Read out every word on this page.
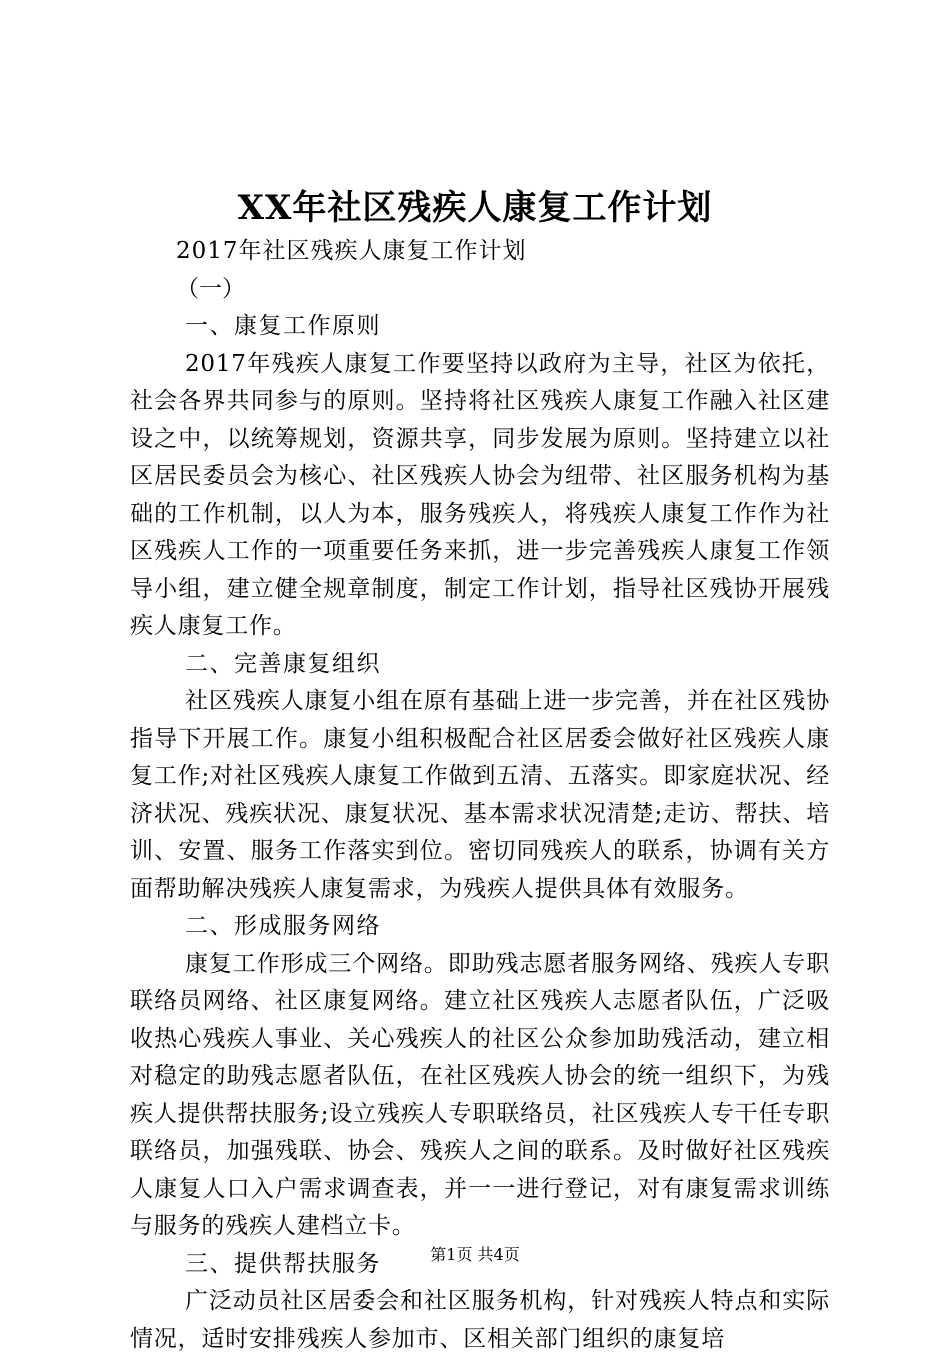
XX年社区残疾人康复工作计划

2017年社区残疾人康复工作计划

（一）

一、康复工作原则

2017年残疾人康复工作要坚持以政府为主导，社区为依托，社会各界共同参与的原则。坚持将社区残疾人康复工作融入社区建设之中，以统筹规划，资源共享，同步发展为原则。坚持建立以社区居民委员会为核心、社区残疾人协会为纽带、社区服务机构为基础的工作机制，以人为本，服务残疾人，将残疾人康复工作作为社区残疾人工作的一项重要任务来抓，进一步完善残疾人康复工作领导小组，建立健全规章制度，制定工作计划，指导社区残协开展残疾人康复工作。

二、完善康复组织

社区残疾人康复小组在原有基础上进一步完善，并在社区残协指导下开展工作。康复小组积极配合社区居委会做好社区残疾人康复工作;对社区残疾人康复工作做到五清、五落实。即家庭状况、经济状况、残疾状况、康复状况、基本需求状况清楚;走访、帮扶、培训、安置、服务工作落实到位。密切同残疾人的联系，协调有关方面帮助解决残疾人康复需求，为残疾人提供具体有效服务。

二、形成服务网络

康复工作形成三个网络。即助残志愿者服务网络、残疾人专职联络员网络、社区康复网络。建立社区残疾人志愿者队伍，广泛吸收热心残疾人事业、关心残疾人的社区公众参加助残活动，建立相对稳定的助残志愿者队伍，在社区残疾人协会的统一组织下，为残疾人提供帮扶服务;设立残疾人专职联络员，社区残疾人专干任专职联络员，加强残联、协会、残疾人之间的联系。及时做好社区残疾人康复人口入户需求调查表，并一一进行登记，对有康复需求训练与服务的残疾人建档立卡。

三、提供帮扶服务

广泛动员社区居委会和社区服务机构，针对残疾人特点和实际情况，适时安排残疾人参加市、区相关部门组织的康复培

第1页 共4页
